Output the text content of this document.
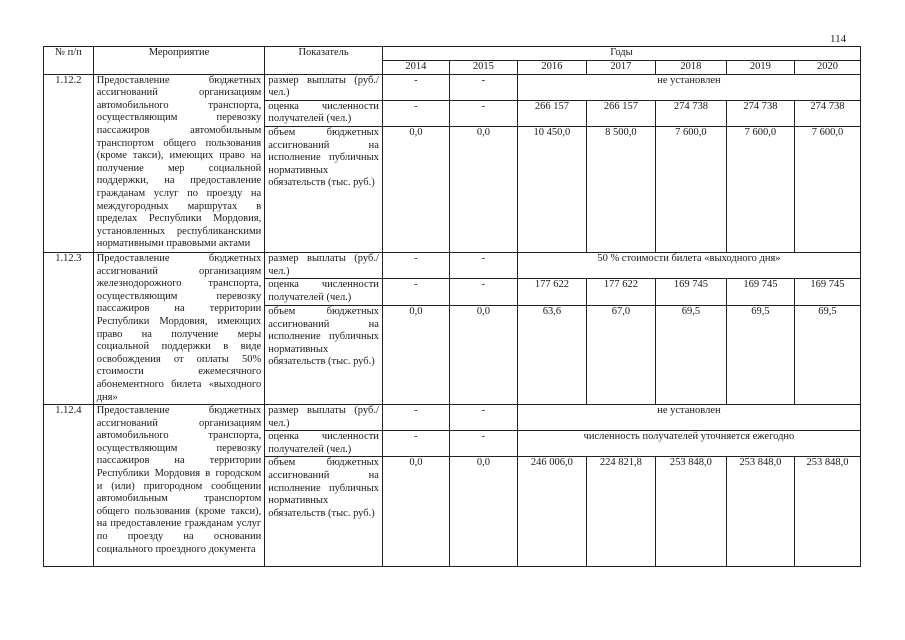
114
№ п/п	Мероприятие	Показатель	Годы						
			2014	2015	2016	2017	2018	2019	2020
1.12.2	Предоставление бюджетных ассигнований организациям автомобильного транспорта, осуществляющим перевозку пассажиров автомобильным транспортом общего пользования (кроме такси), имеющих право на получение мер социальной поддержки, на предоставление гражданам услуг по проезду на междугородных маршрутах в пределах Республики Мордовия, установленных республиканскими нормативными правовыми актами	размер выплаты (руб./ чел.)	-	-	не установлен				
		оценка численности получателей (чел.)	-	-	266 157	266 157	274 738	274 738	274 738
		объем бюджетных ассигнований на исполнение публичных нормативных обязательств (тыс. руб.)	0,0	0,0	10 450,0	8 500,0	7 600,0	7 600,0	7 600,0
1.12.3	Предоставление бюджетных ассигнований организациям железнодорожного транспорта, осуществляющим перевозку пассажиров на территории Республики Мордовия, имеющих право на получение меры социальной поддержки в виде освобождения от оплаты 50% стоимости ежемесячного абонементного билета «выходного дня»	размер выплаты (руб./ чел.)	-	-	50 % стоимости билета «выходного дня»				
		оценка численности получателей (чел.)	-	-	177 622	177 622	169 745	169 745	169 745
		объем бюджетных ассигнований на исполнение публичных нормативных обязательств (тыс. руб.)	0,0	0,0	63,6	67,0	69,5	69,5	69,5
1.12.4	Предоставление бюджетных ассигнований организациям автомобильного транспорта, осуществляющим перевозку пассажиров на территории Республики Мордовия в городском и (или) пригородном сообщении автомобильным транспортом общего пользования (кроме такси), на предоставление гражданам услуг по проезду на основании социального проездного документа	размер выплаты (руб./ чел.)	-	-	не установлен				
		оценка численности получателей (чел.)	-	-	численность получателей уточняется ежегодно				
		объем бюджетных ассигнований на исполнение публичных нормативных обязательств (тыс. руб.)	0,0	0,0	246 006,0	224 821,8	253 848,0	253 848,0	253 848,0
